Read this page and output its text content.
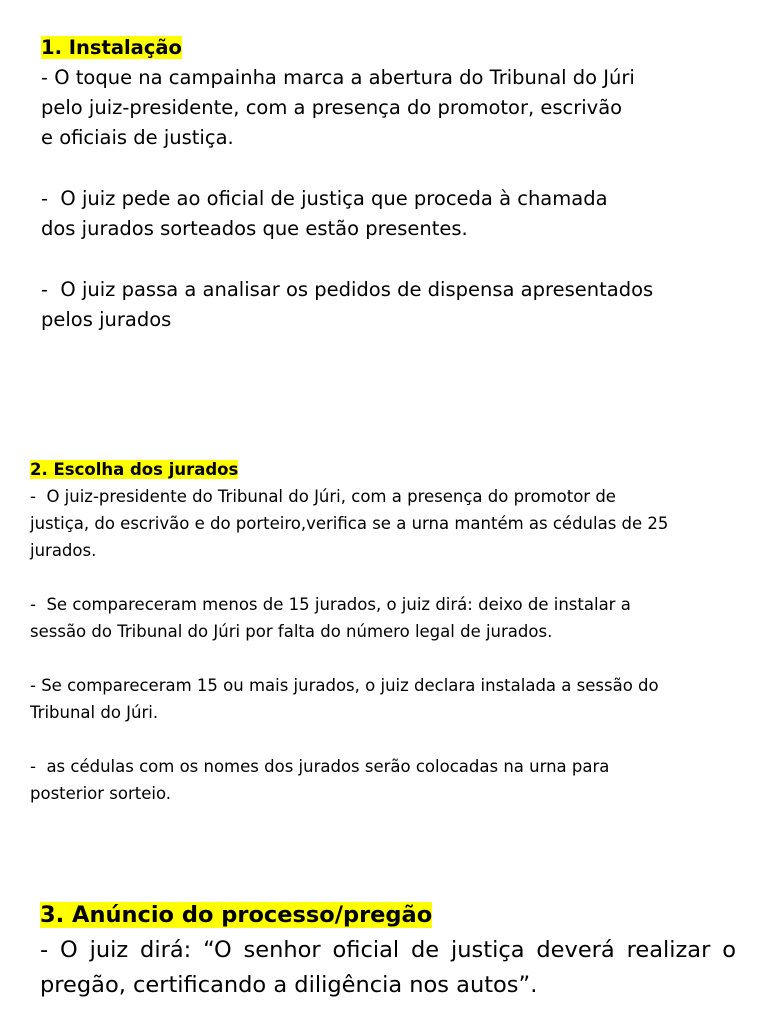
1. Instalação
- O toque na campainha marca a abertura do Tribunal do Júri
pelo juiz-presidente, com a presença do promotor, escrivão
e oficiais de justiça.
-  O juiz pede ao oficial de justiça que proceda à chamada
dos jurados sorteados que estão presentes.
-  O juiz passa a analisar os pedidos de dispensa apresentados
pelos jurados
2. Escolha dos jurados
-  O juiz-presidente do Tribunal do Júri, com a presença do promotor de
justiça, do escrivão e do porteiro,verifica se a urna mantém as cédulas de 25
jurados.
-  Se compareceram menos de 15 jurados, o juiz dirá: deixo de instalar a
sessão do Tribunal do Júri por falta do número legal de jurados.
- Se compareceram 15 ou mais jurados, o juiz declara instalada a sessão do
Tribunal do Júri.
-  as cédulas com os nomes dos jurados serão colocadas na urna para
posterior sorteio.
3. Anúncio do processo/pregão
- O juiz dirá: “O senhor oficial de justiça deverá realizar o
pregão, certificando a diligência nos autos”.
